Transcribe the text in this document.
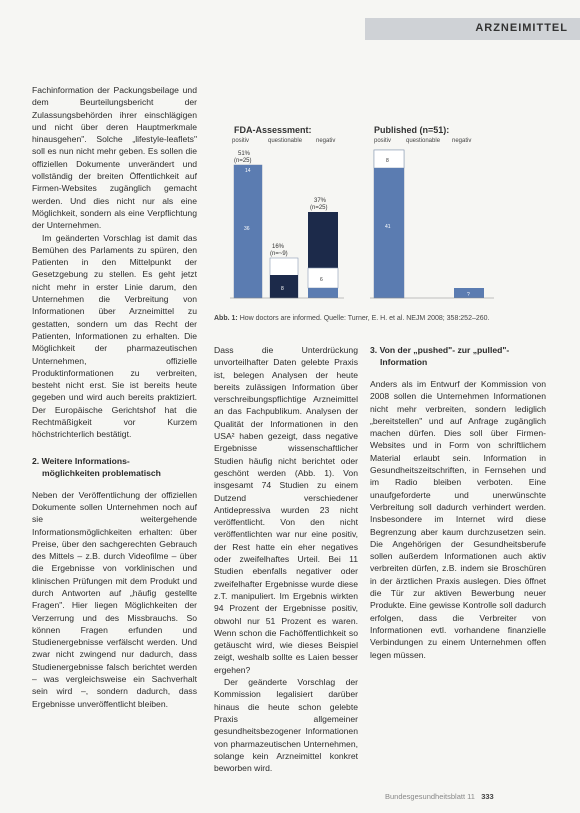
ARZNEIMITTEL

Fachinformation der Packungsbeilage und dem Beurteilungsbericht der Zulassungsbehörden ihrer einschlägigen und nicht über deren Hauptmerkmale hinausgehen". Solche „lifestyle-leaflets" soll es nun nicht mehr geben. Es sollen die offiziellen Dokumente unverändert und vollständig der breiten Öffentlichkeit auf Firmen-Websites zugänglich gemacht werden. Und dies nicht nur als eine Möglichkeit, sondern als eine Verpflichtung der Unternehmen.

Im geänderten Vorschlag ist damit das Bemühen des Parlaments zu spüren, den Patienten in den Mittelpunkt der Gesetzgebung zu stellen. Es geht jetzt nicht mehr in erster Linie darum, den Unternehmen die Verbreitung von Informationen über Arzneimittel zu gestatten, sondern um das Recht der Patienten, Informationen zu erhalten. Die Möglichkeit der pharmazeutischen Unternehmen, offizielle Produktinformationen zu verbreiten, besteht nicht erst. Sie ist bereits heute gegeben und wird auch bereits praktiziert. Der Europäische Gerichtshof hat die Rechtmäßigkeit vor Kurzem höchstrichterlich bestätigt.

2. Weitere Informations-
möglichkeiten problematisch

Neben der Veröffentlichung der offiziellen Dokumente sollen Unternehmen noch auf sie weitergehende Informationsmöglichkeiten erhalten: über Preise, über den sachgerechten Gebrauch des Mittels – z.B. durch Videofilme – über die Ergebnisse von vorklinischen und klinischen Prüfungen mit dem Produkt und durch Antworten auf „häufig gestellte Fragen". Hier liegen Möglichkeiten der Verzerrung und des Missbrauchs. So können Fragen erfunden und Studienergebnisse verfälscht werden. Und zwar nicht zwingend nur dadurch, dass Studienergebnisse falsch berichtet werden – was vergleichsweise ein Sachverhalt sein wird –, sondern dadurch, dass Ergebnisse unveröffentlicht bleiben.

FDA-Assessment:
positiv	questionable negativ
Published (n=51):
positiv questionable negativ
51%
(n=25)
14
36
16%
(n=~9)
8
37%
(n=25)
6
8
41
?
Abb. 1: How doctors are informed. Quelle: Turner, E. H. et al. NEJM 2008; 358:252–260.

Dass die Unterdrückung unvorteilhafter Daten gelebte Praxis ist, belegen Analysen der heute bereits zulässigen Information über verschreibungspflichtige Arzneimittel an das Fachpublikum. Analysen der Qualität der Informationen in den USA² haben gezeigt, dass negative Ergebnisse wissenschaftlicher Studien häufig nicht berichtet oder geschönt werden (Abb. 1). Von insgesamt 74 Studien zu einem Dutzend verschiedener Antidepressiva wurden 23 nicht veröffentlicht. Von den nicht veröffentlichten war nur eine positiv, der Rest hatte ein eher negatives oder zweifelhaftes Urteil. Bei 11 Studien ebenfalls negativer oder zweifelhafter Ergebnisse wurde diese z.T. manipuliert. Im Ergebnis wirkten 94 Prozent der Ergebnisse positiv, obwohl nur 51 Prozent es waren. Wenn schon die Fachöffentlichkeit so getäuscht wird, wie dieses Beispiel zeigt, weshalb sollte es Laien besser ergehen?

Der geänderte Vorschlag der Kommission legalisiert darüber hinaus die heute schon gelebte Praxis allgemeiner gesundheitsbezogener Informationen von pharmazeutischen Unternehmen, solange kein Arzneimittel konkret beworben wird.

3. Von der „pushed"- zur „pulled"-
Information

Anders als im Entwurf der Kommission von 2008 sollen die Unternehmen Informationen nicht mehr verbreiten, sondern lediglich „bereitstellen" und auf Anfrage zugänglich machen dürfen. Dies soll über Firmen-Websites und in Form von schriftlichem Material erlaubt sein. Information in Gesundheitszeitschriften, in Fernsehen und im Radio bleiben verboten. Eine unaufgeforderte und unerwünschte Verbreitung soll dadurch verhindert werden. Insbesondere im Internet wird diese Begrenzung aber kaum durchzusetzen sein. Die Angehörigen der Gesundheitsberufe sollen außerdem Informationen auch aktiv verbreiten dürfen, z.B. indem sie Broschüren in der ärztlichen Praxis auslegen. Dies öffnet die Tür zur aktiven Bewerbung neuer Produkte. Eine gewisse Kontrolle soll dadurch erfolgen, dass die Verbreiter von Informationen evtl. vorhandene finanzielle Verbindungen zu einem Unternehmen offen legen müssen.

Bundesgesundheitsblatt 11 333
